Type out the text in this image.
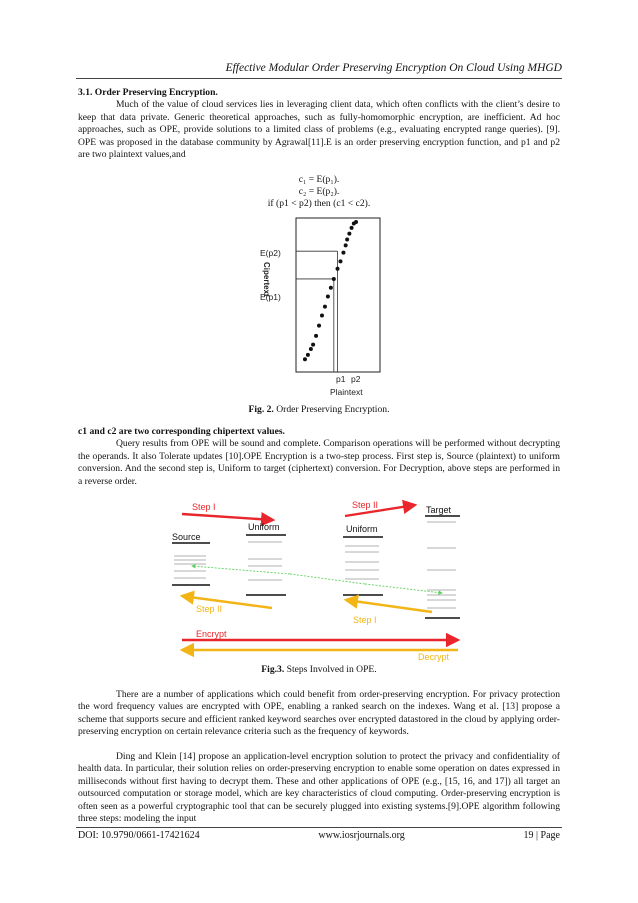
Effective Modular Order Preserving Encryption On Cloud Using MHGD

3.1. Order Preserving Encryption.

Much of the value of cloud services lies in leveraging client data, which often conflicts with the client’s desire to keep that data private. Generic theoretical approaches, such as fully-homomorphic encryption, are inefficient. Ad hoc approaches, such as OPE, provide solutions to a limited class of problems (e.g., evaluating encrypted range queries). [9]. OPE was proposed in the database community by Agrawal[11].E is an order preserving encryption function, and p1 and p2 are two plaintext values,and

c₁ = E(p₁).
c₂ = E(p₂).
if (p1 < p2) then (c1 < c2).
E(p2)
E(p1)
Cipertext
p1 p2
Plaintext
Fig. 2. Order Preserving Encryption.

c1 and c2 are two corresponding chipertext values.

Query results from OPE will be sound and complete. Comparison operations will be performed without decrypting the operands. It also Tolerate updates [10].OPE Encryption is a two-step process. First step is, Source (plaintext) to uniform conversion. And the second step is, Uniform to target (ciphertext) conversion. For Decryption, above steps are performed in a reverse order.

Step I	Step II
Uniform	Uniform
Source
Target
Step II
Step I
Encrypt
Decrypt
Fig.3. Steps Involved in OPE.

There are a number of applications which could benefit from order-preserving encryption. For privacy protection the word frequency values are encrypted with OPE, enabling a ranked search on the indexes. Wang et al. [13] propose a scheme that supports secure and efficient ranked keyword searches over encrypted datastored in the cloud by applying order-preserving encryption on certain relevance criteria such as the frequency of keywords.

Ding and Klein [14] propose an application-level encryption solution to protect the privacy and confidentiality of health data. In particular, their solution relies on order-preserving encryption to enable some operation on dates expressed in milliseconds without first having to decrypt them. These and other applications of OPE (e.g., [15, 16, and 17]) all target an outsourced computation or storage model, which are key characteristics of cloud computing. Order-preserving encryption is often seen as a powerful cryptographic tool that can be securely plugged into existing systems.[9].OPE algorithm following three steps: modeling the input

DOI: 10.9790/0661-17421624	www.iosrjournals.org	19 | Page
